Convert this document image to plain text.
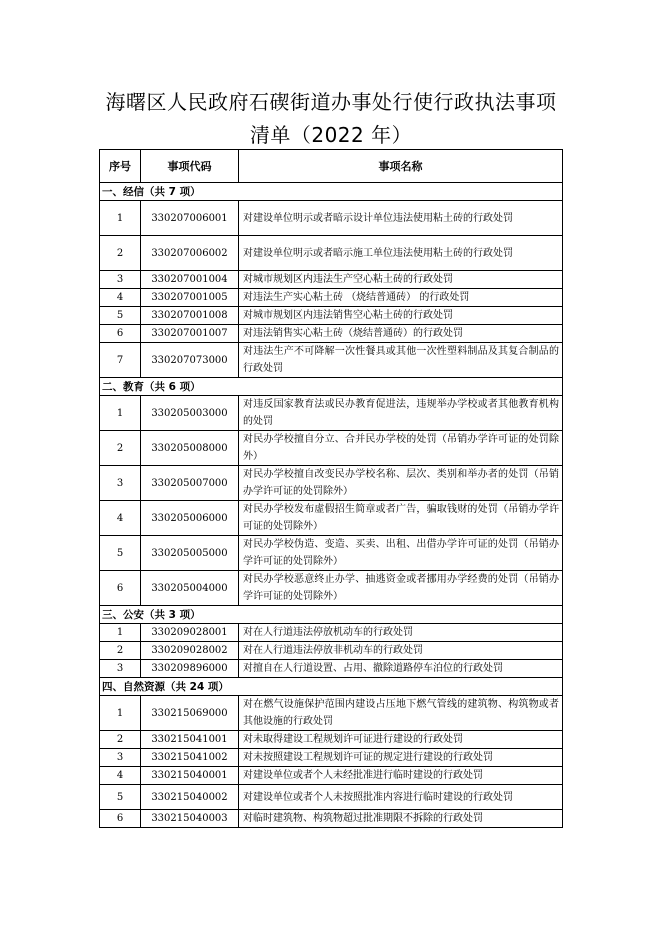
海曙区人民政府石碶街道办事处行使行政执法事项
清单（2022 年）
序号	事项代码	事项名称
一、经信（共 7 项）		
1	330207006001	对建设单位明示或者暗示设计单位违法使用粘土砖的行政处罚
2	330207006002	对建设单位明示或者暗示施工单位违法使用粘土砖的行政处罚
3	330207001004	对城市规划区内违法生产空心粘土砖的行政处罚
4	330207001005	对违法生产实心粘土砖 （烧结普通砖） 的行政处罚
5	330207001008	对城市规划区内违法销售空心粘土砖的行政处罚
6	330207001007	对违法销售实心粘土砖（烧结普通砖）的行政处罚
7	330207073000	对违法生产不可降解一次性餐具或其他一次性塑料制品及其复合制品的行政处罚
二、教育（共 6 项）		
1	330205003000	对违反国家教育法或民办教育促进法，违规举办学校或者其他教育机构的处罚
2	330205008000	对民办学校擅自分立、合并民办学校的处罚（吊销办学许可证的处罚除外）
3	330205007000	对民办学校擅自改变民办学校名称、层次、类别和举办者的处罚（吊销办学许可证的处罚除外）
4	330205006000	对民办学校发布虚假招生简章或者广告，骗取钱财的处罚（吊销办学许可证的处罚除外）
5	330205005000	对民办学校伪造、变造、买卖、出租、出借办学许可证的处罚（吊销办学许可证的处罚除外）
6	330205004000	对民办学校恶意终止办学、抽逃资金或者挪用办学经费的处罚（吊销办学许可证的处罚除外）
三、公安（共 3 项）		
1	330209028001	对在人行道违法停放机动车的行政处罚
2	330209028002	对在人行道违法停放非机动车的行政处罚
3	330209896000	对擅自在人行道设置、占用、撤除道路停车泊位的行政处罚
四、自然资源（共 24 项）		
1	330215069000	对在燃气设施保护范围内建设占压地下燃气管线的建筑物、构筑物或者其他设施的行政处罚
2	330215041001	对未取得建设工程规划许可证进行建设的行政处罚
3	330215041002	对未按照建设工程规划许可证的规定进行建设的行政处罚
4	330215040001	对建设单位或者个人未经批准进行临时建设的行政处罚
5	330215040002	对建设单位或者个人未按照批准内容进行临时建设的行政处罚
6	330215040003	对临时建筑物、构筑物超过批准期限不拆除的行政处罚
